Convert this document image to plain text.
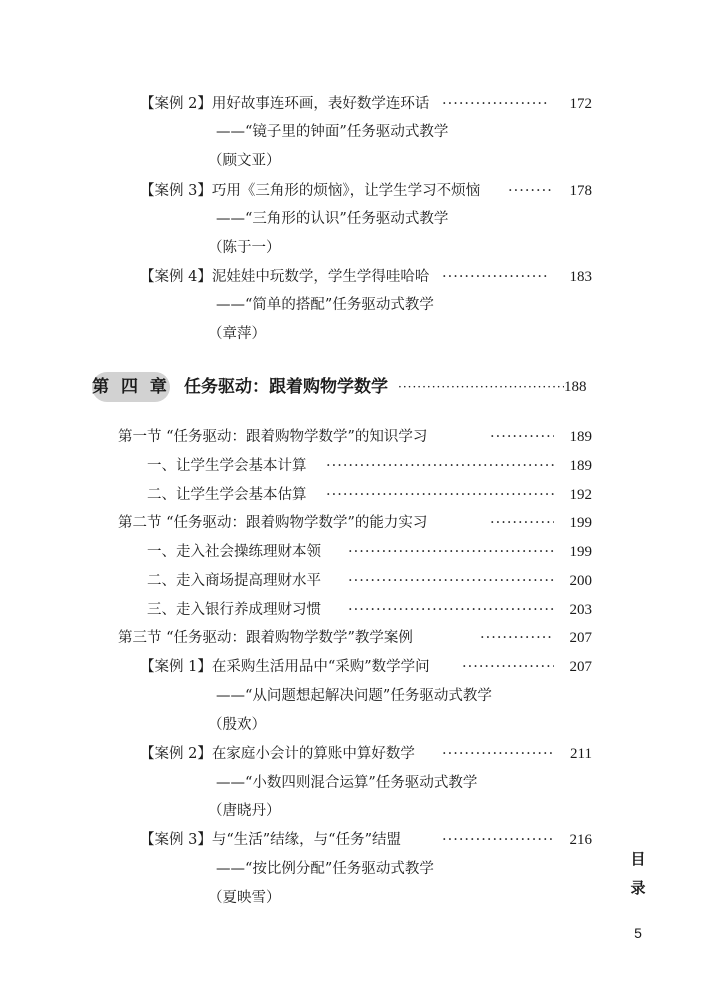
【案例 2】用好故事连环画，表好数学连环话 ·····	172
——“镜子里的钟面”任务驱动式教学
（顾文亚）
【案例 3】巧用《三角形的烦恼》，让学生学习不烦恼 ·····	178
——“三角形的认识”任务驱动式教学
（陈于一）
【案例 4】泥娃娃中玩数学，学生学得哇哈哈 ·····	183
——“简单的搭配”任务驱动式教学
（章萍）
第 四 章 任务驱动：跟着购物学数学 ·····	188
第一节 “任务驱动：跟着购物学数学”的知识学习 ·····	189
一、让学生学会基本计算 ·····	189
二、让学生学会基本估算 ·····	192
第二节 “任务驱动：跟着购物学数学”的能力实习 ·····	199
一、走入社会操练理财本领 ·····	199
二、走入商场提高理财水平 ·····	200
三、走入银行养成理财习惯 ·····	203
第三节 “任务驱动：跟着购物学数学”教学案例 ·····	207
【案例 1】在采购生活用品中“采购”数学学问 ·····	207
——“从问题想起解决问题”任务驱动式教学
（殷欢）
【案例 2】在家庭小会计的算账中算好数学 ·····	211
——“小数四则混合运算”任务驱动式教学
（唐晓丹）
【案例 3】与“生活”结缘，与“任务”结盟 ·····	216
——“按比例分配”任务驱动式教学
（夏映雪）
目
录
5
